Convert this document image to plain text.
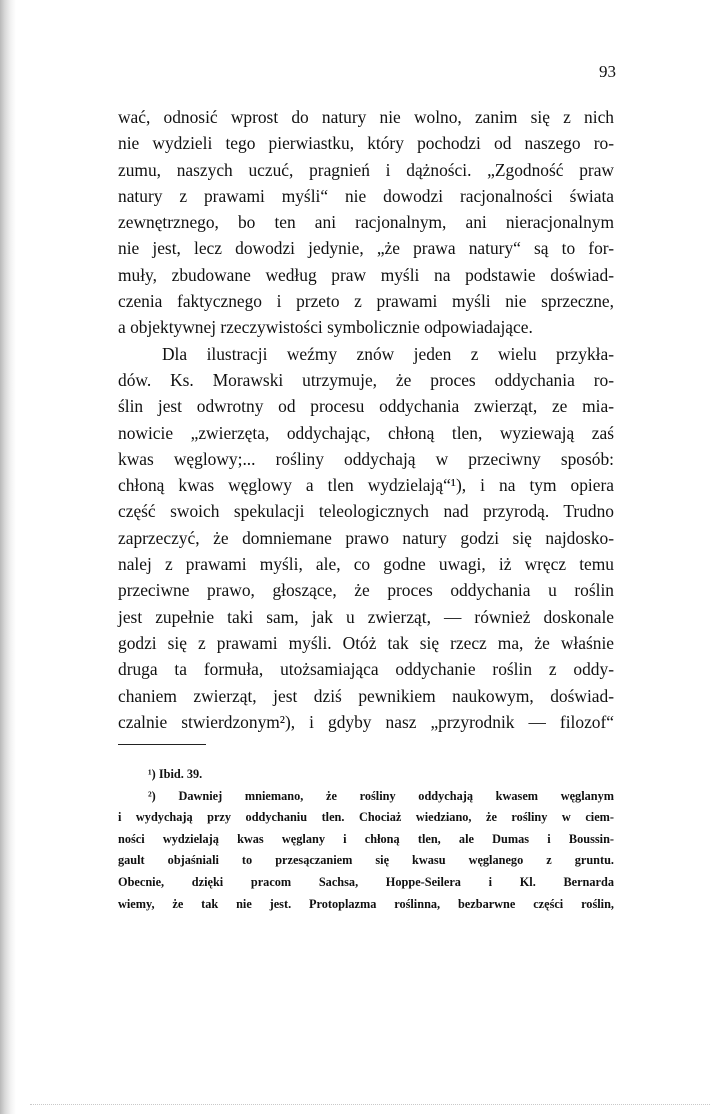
93
wać, odnosić wprost do natury nie wolno, zanim się z nich
nie wydzieli tego pierwiastku, który pochodzi od naszego ro-
zumu, naszych uczuć, pragnień i dążności. „Zgodność praw
natury z prawami myśli“ nie dowodzi racjonalności świata
zewnętrznego, bo ten ani racjonalnym, ani nieracjonalnym
nie jest, lecz dowodzi jedynie, „że prawa natury“ są to for-
muły, zbudowane według praw myśli na podstawie doświad-
czenia faktycznego i przeto z prawami myśli nie sprzeczne,
a objektywnej rzeczywistości symbolicznie odpowiadające.
Dla ilustracji weźmy znów jeden z wielu przykła-
dów. Ks. Morawski utrzymuje, że proces oddychania ro-
ślin jest odwrotny od procesu oddychania zwierząt, ze mia-
nowicie „zwierzęta, oddychając, chłoną tlen, wyziewają zaś
kwas węglowy;... rośliny oddychają w przeciwny sposób:
chłoną kwas węglowy a tlen wydzielają“¹), i na tym opiera
część swoich spekulacji teleologicznych nad przyrodą. Trudno
zaprzeczyć, że domniemane prawo natury godzi się najdosko-
nalej z prawami myśli, ale, co godne uwagi, iż wręcz temu
przeciwne prawo, głoszące, że proces oddychania u roślin
jest zupełnie taki sam, jak u zwierząt, — również doskonale
godzi się z prawami myśli. Otóż tak się rzecz ma, że właśnie
druga ta formuła, utożsamiająca oddychanie roślin z oddy-
chaniem zwierząt, jest dziś pewnikiem naukowym, doświad-
czalnie stwierdzonym²), i gdyby nasz „przyrodnik — filozof“
¹) Ibid. 39.
²) Dawniej mniemano, że rośliny oddychają kwasem węglanym
i wydychają przy oddychaniu tlen. Chociaż wiedziano, że rośliny w ciem-
ności wydzielają kwas węglany i chłoną tlen, ale Dumas i Boussin-
gault objaśniali to przesączaniem się kwasu węglanego z gruntu.
Obecnie, dzięki pracom Sachsa, Hoppe-Seilera i Kl. Bernarda
wiemy, że tak nie jest. Protoplazma roślinna, bezbarwne części roślin,
